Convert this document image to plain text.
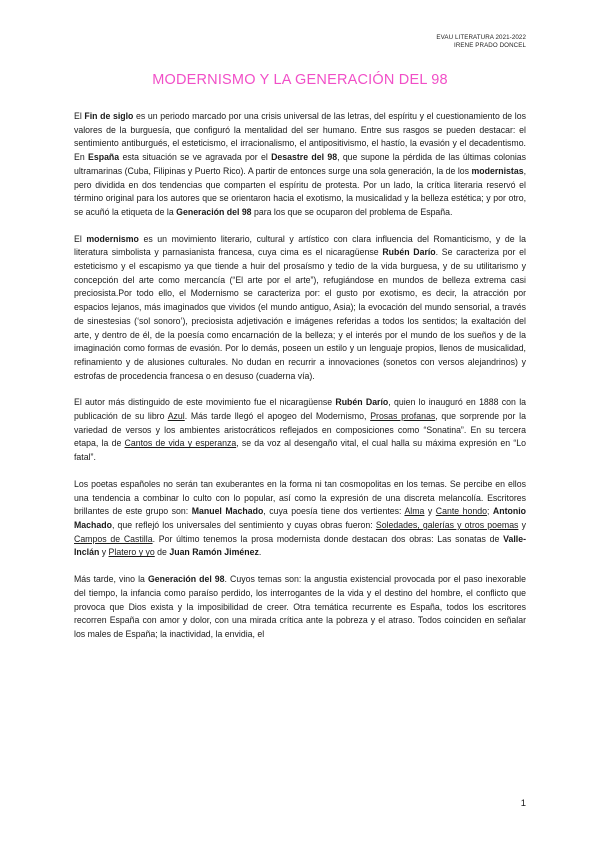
EVAU LITERATURA 2021-2022
IRENE PRADO DONCEL
MODERNISMO Y LA GENERACIÓN DEL 98

El Fin de siglo es un periodo marcado por una crisis universal de las letras, del espíritu y el cuestionamiento de los valores de la burguesía, que configuró la mentalidad del ser humano. Entre sus rasgos se pueden destacar: el sentimiento antiburgués, el esteticismo, el irracionalismo, el antipositivismo, el hastío, la evasión y el decadentismo. En España esta situación se ve agravada por el Desastre del 98, que supone la pérdida de las últimas colonias ultramarinas (Cuba, Filipinas y Puerto Rico). A partir de entonces surge una sola generación, la de los modernistas, pero dividida en dos tendencias que comparten el espíritu de protesta. Por un lado, la crítica literaria reservó el término original para los autores que se orientaron hacia el exotismo, la musicalidad y la belleza estética; y por otro, se acuñó la etiqueta de la Generación del 98 para los que se ocuparon del problema de España.

El modernismo es un movimiento literario, cultural y artístico con clara influencia del Romanticismo, y de la literatura simbolista y parnasianista francesa, cuya cima es el nicaragüense Rubén Darío. Se caracteriza por el esteticismo y el escapismo ya que tiende a huir del prosaísmo y tedio de la vida burguesa, y de su utilitarismo y concepción del arte como mercancía (“El arte por el arte”), refugiándose en mundos de belleza extrema casi preciosista.Por todo ello, el Modernismo se caracteriza por: el gusto por exotismo, es decir, la atracción por espacios lejanos, más imaginados que vividos (el mundo antiguo, Asia); la evocación del mundo sensorial, a través de sinestesias (‘sol sonoro’), preciosista adjetivación e imágenes referidas a todos los sentidos; la exaltación del arte, y dentro de él, de la poesía como encarnación de la belleza; y el interés por el mundo de los sueños y de la imaginación como formas de evasión. Por lo demás, poseen un estilo y un lenguaje propios, llenos de musicalidad, refinamiento y de alusiones culturales. No dudan en recurrir a innovaciones (sonetos con versos alejandrinos) y estrofas de procedencia francesa o en desuso (cuaderna vía).

El autor más distinguido de este movimiento fue el nicaragüense Rubén Darío, quien lo inauguró en 1888 con la publicación de su libro Azul. Más tarde llegó el apogeo del Modernismo, Prosas profanas, que sorprende por la variedad de versos y los ambientes aristocráticos reflejados en composiciones como “Sonatina”. En su tercera etapa, la de Cantos de vida y esperanza, se da voz al desengaño vital, el cual halla su máxima expresión en “Lo fatal”.

Los poetas españoles no serán tan exuberantes en la forma ni tan cosmopolitas en los temas. Se percibe en ellos una tendencia a combinar lo culto con lo popular, así como la expresión de una discreta melancolía. Escritores brillantes de este grupo son: Manuel Machado, cuya poesía tiene dos vertientes: Alma y Cante hondo; Antonio Machado, que reflejó los universales del sentimiento y cuyas obras fueron: Soledades, galerías y otros poemas y Campos de Castilla. Por último tenemos la prosa modernista donde destacan dos obras: Las sonatas de Valle-Inclán y Platero y yo de Juan Ramón Jiménez.

Más tarde, vino la Generación del 98. Cuyos temas son: la angustia existencial provocada por el paso inexorable del tiempo, la infancia como paraíso perdido, los interrogantes de la vida y el destino del hombre, el conflicto que provoca que Dios exista y la imposibilidad de creer. Otra temática recurrente es España, todos los escritores recorren España con amor y dolor, con una mirada crítica ante la pobreza y el atraso. Todos coinciden en señalar los males de España; la inactividad, la envidia, el

1
